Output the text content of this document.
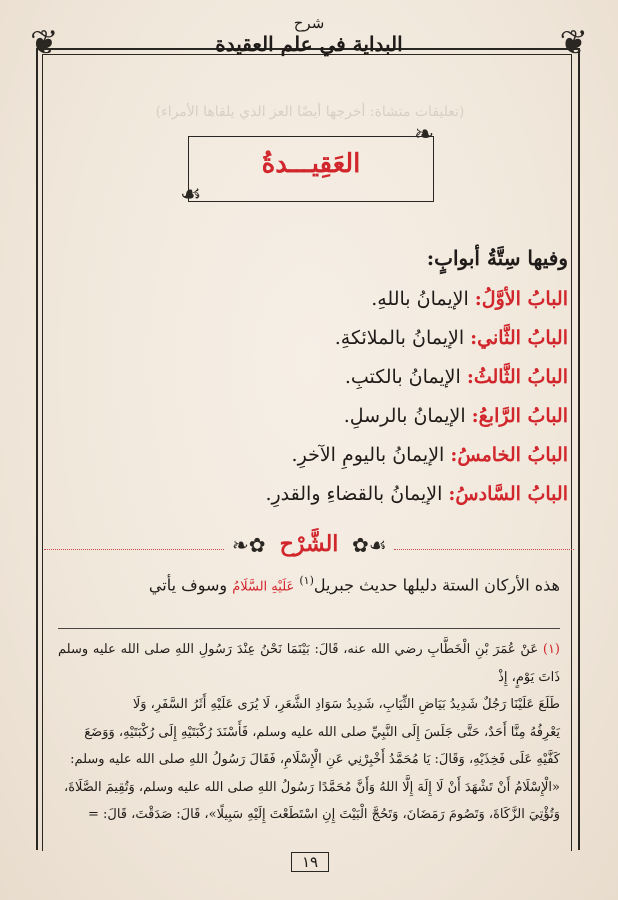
❦	❦
شرح
البداية في علم العقيدة
(تعليقات متشاة: أخرجها أيضًا العز الذي يلقاها الأمراء)
العَقِيـــدةُ
❧
☙
وفيها سِتَّةُ أبوابٍ:
البابُ الأوَّلُ: الإيمانُ باللهِ.
البابُ الثَّاني: الإيمانُ بالملائكةِ.
البابُ الثَّالثُ: الإيمانُ بالكتبِ.
البابُ الرَّابعُ: الإيمانُ بالرسلِ.
البابُ الخامسُ: الإيمانُ باليومِ الآخرِ.
البابُ السَّادسُ: الإيمانُ بالقضاءِ والقدرِ.
✿❧	☙✿
الشَّرْح
هذه الأركان الستة دليلها حديث جبريل$^{(١)}$ عَلَيْهِ السَّلَامُ وسوف يأتي
(١) عَنْ عُمَرَ بْنِ الْخَطَّابِ رضي الله عنه، قَالَ: بَيْنَمَا نَحْنُ عِنْدَ رَسُولِ اللهِ صلى الله عليه وسلم ذَاتَ يَوْمٍ، إِذْ
طَلَعَ عَلَيْنَا رَجُلٌ شَدِيدُ بَيَاضِ الثِّيَابِ، شَدِيدُ سَوَادِ الشَّعَرِ، لَا يُرَى عَلَيْهِ أَثَرُ السَّفَرِ، وَلَا
يَعْرِفُهُ مِنَّا أَحَدٌ، حَتَّى جَلَسَ إِلَى النَّبِيِّ صلى الله عليه وسلم، فَأَسْنَدَ رُكْبَتَيْهِ إِلَى رُكْبَتَيْهِ، وَوَضَعَ
كَفَّيْهِ عَلَى فَخِذَيْهِ، وَقَالَ: يَا مُحَمَّدُ أَخْبِرْنِي عَنِ الْإِسْلَامِ، فَقَالَ رَسُولُ اللهِ صلى الله عليه وسلم:
«الْإِسْلَامُ أَنْ تَشْهَدَ أَنْ لَا إِلَهَ إِلَّا اللهُ وَأَنَّ مُحَمَّدًا رَسُولُ اللهِ صلى الله عليه وسلم، وَتُقِيمَ الصَّلَاةَ،
وَتُؤْتِيَ الزَّكَاةَ، وَتَصُومَ رَمَضَانَ، وَتَحُجَّ الْبَيْتَ إِنِ اسْتَطَعْتَ إِلَيْهِ سَبِيلًا»، قَالَ: صَدَقْتَ، قَالَ: =
١٩
